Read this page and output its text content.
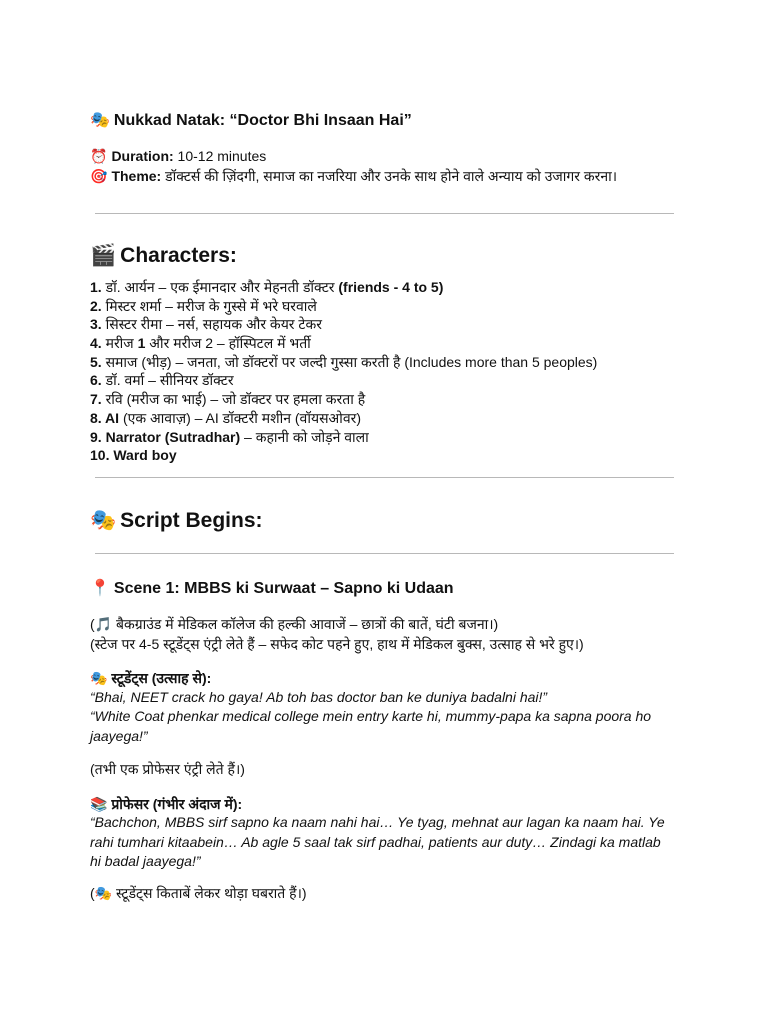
🎭 Nukkad Natak: “Doctor Bhi Insaan Hai”
⏰ Duration: 10-12 minutes
🎯 Theme: डॉक्टर्स की ज़िंदगी, समाज का नजरिया और उनके साथ होने वाले अन्याय को उजागर करना।
🎬 Characters:
1. डॉ. आर्यन – एक ईमानदार और मेहनती डॉक्टर (friends - 4 to 5)
2. मिस्टर शर्मा – मरीज के गुस्से में भरे घरवाले
3. सिस्टर रीमा – नर्स, सहायक और केयर टेकर
4. मरीज 1 और मरीज 2 – हॉस्पिटल में भर्ती
5. समाज (भीड़) – जनता, जो डॉक्टरों पर जल्दी गुस्सा करती है (Includes more than 5 peoples)
6. डॉ. वर्मा – सीनियर डॉक्टर
7. रवि (मरीज का भाई) – जो डॉक्टर पर हमला करता है
8. AI (एक आवाज़) – AI डॉक्टरी मशीन (वॉयसओवर)
9. Narrator (Sutradhar) – कहानी को जोड़ने वाला
10. Ward boy
🎭 Script Begins:
📍 Scene 1: MBBS ki Surwaat – Sapno ki Udaan
(🎵 बैकग्राउंड में मेडिकल कॉलेज की हल्की आवाजें – छात्रों की बातें, घंटी बजना।)
(स्टेज पर 4-5 स्टूडेंट्स एंट्री लेते हैं – सफेद कोट पहने हुए, हाथ में मेडिकल बुक्स, उत्साह से भरे हुए।)
🎭 स्टूडेंट्स (उत्साह से):
“Bhai, NEET crack ho gaya! Ab toh bas doctor ban ke duniya badalni hai!”
“White Coat phenkar medical college mein entry karte hi, mummy-papa ka sapna poora ho jaayega!”
(तभी एक प्रोफेसर एंट्री लेते हैं।)
📚 प्रोफेसर (गंभीर अंदाज में):
“Bachchon, MBBS sirf sapno ka naam nahi hai… Ye tyag, mehnat aur lagan ka naam hai. Ye rahi tumhari kitaabein… Ab agle 5 saal tak sirf padhai, patients aur duty… Zindagi ka matlab hi badal jaayega!”
(🎭 स्टूडेंट्स किताबें लेकर थोड़ा घबराते हैं।)
